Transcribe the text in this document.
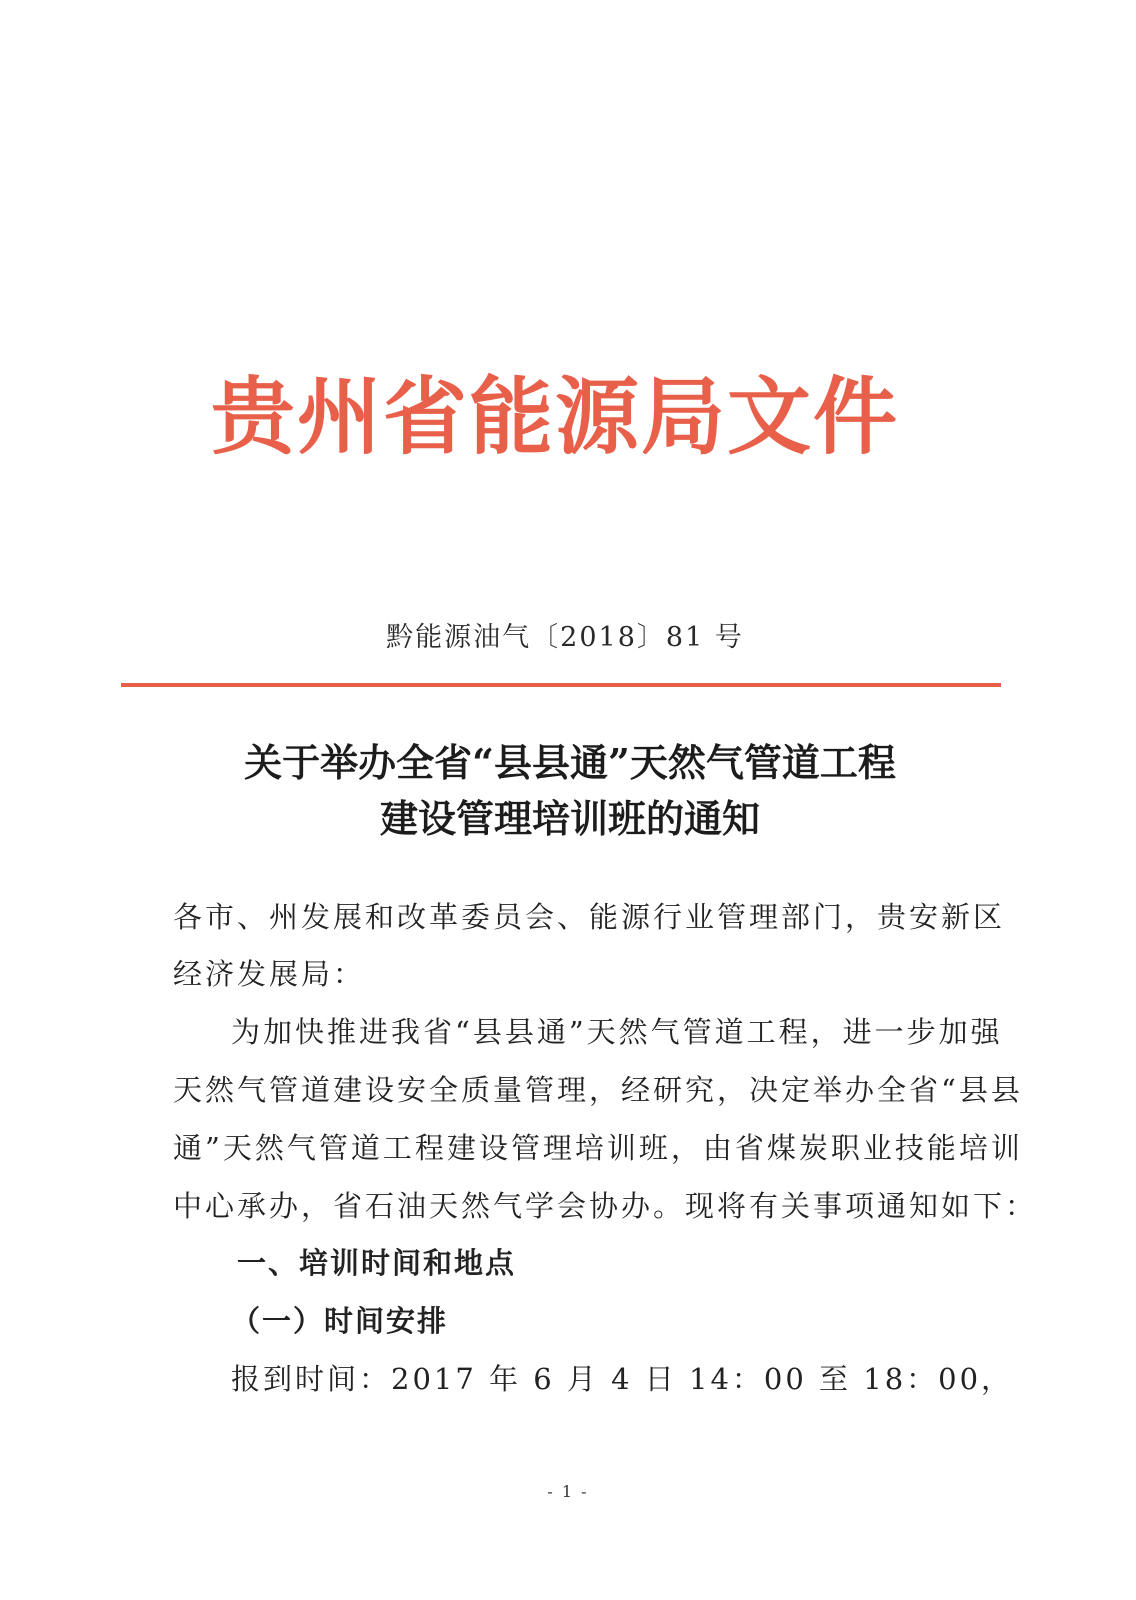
贵州省能源局文件
黔能源油气〔2018〕81 号
关于举办全省“县县通”天然气管道工程
建设管理培训班的通知
各市、州发展和改革委员会、能源行业管理部门，贵安新区
经济发展局：
为加快推进我省“县县通”天然气管道工程，进一步加强
天然气管道建设安全质量管理，经研究，决定举办全省“县县
通”天然气管道工程建设管理培训班，由省煤炭职业技能培训
中心承办，省石油天然气学会协办。现将有关事项通知如下：
一、培训时间和地点
（一）时间安排
报到时间：2017 年 6 月 4 日 14：00 至 18：00，
- 1 -
